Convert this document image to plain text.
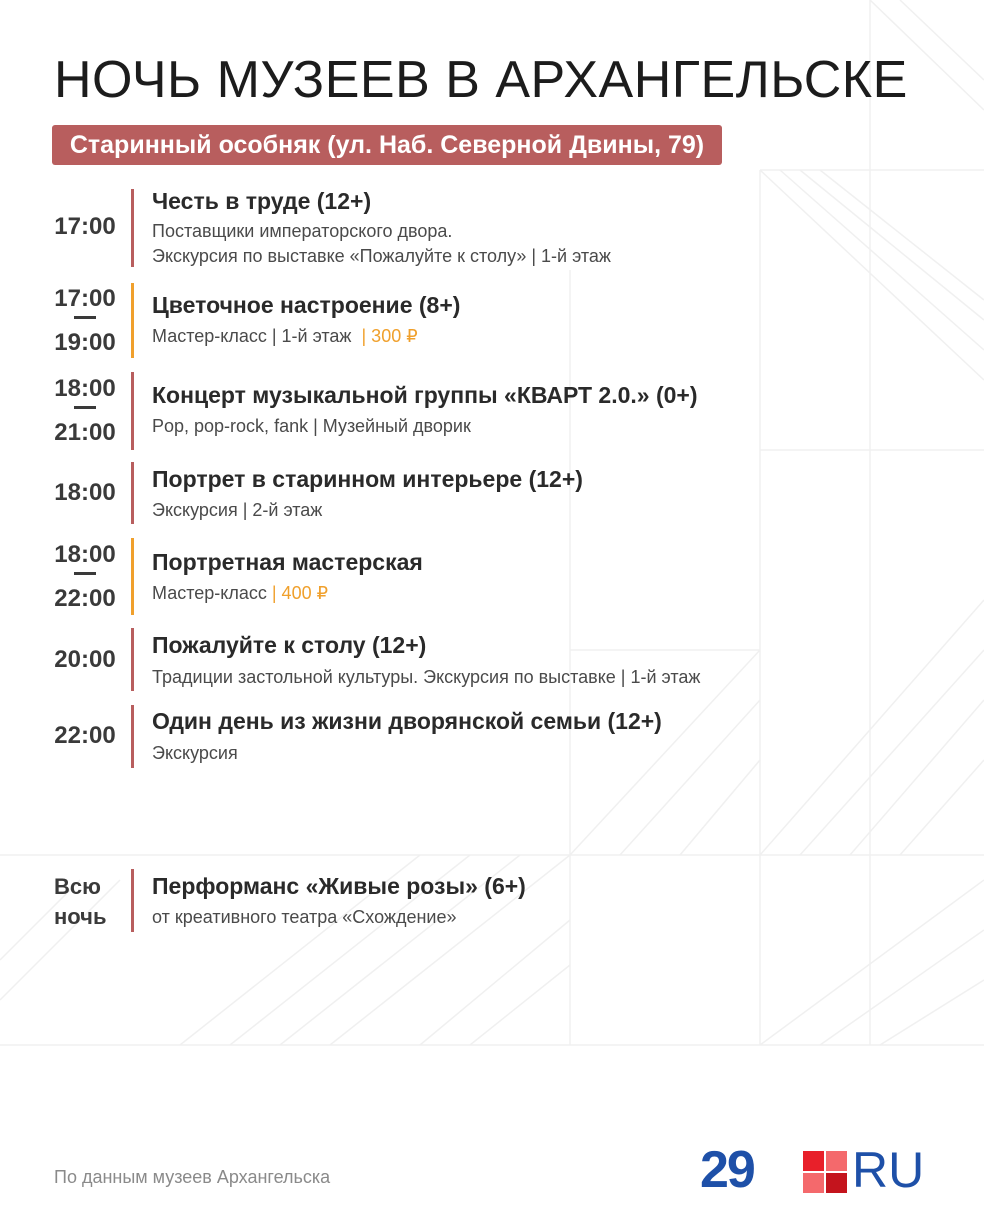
НОЧЬ МУЗЕЕВ В АРХАНГЕЛЬСКЕ
Старинный особняк (ул. Наб. Северной Двины, 79)
17:00
Честь в труде (12+)
Поставщики императорского двора.
Экскурсия по выставке «Пожалуйте к столу» | 1-й этаж
17:00
19:00
Цветочное настроение (8+)
Мастер-класс | 1-й этаж | 300 ₽
18:00
21:00
Концерт музыкальной группы «КВАРТ 2.0.» (0+)
Pop, pop-rock, fank | Музейный дворик
18:00 Портрет в старинном интерьере (12+)
Экскурсия | 2-й этаж
18:00
22:00
Портретная мастерская
Мастер-класс | 400 ₽
20:00
Пожалуйте к столу (12+)
Традиции застольной культуры. Экскурсия по выставке | 1-й этаж
22:00
Один день из жизни дворянской семьи (12+)
Экскурсия
Всю
ночь
Перформанс «Живые розы» (6+)
от креативного театра «Схождение»
По данным музеев Архангельска	29 RU
